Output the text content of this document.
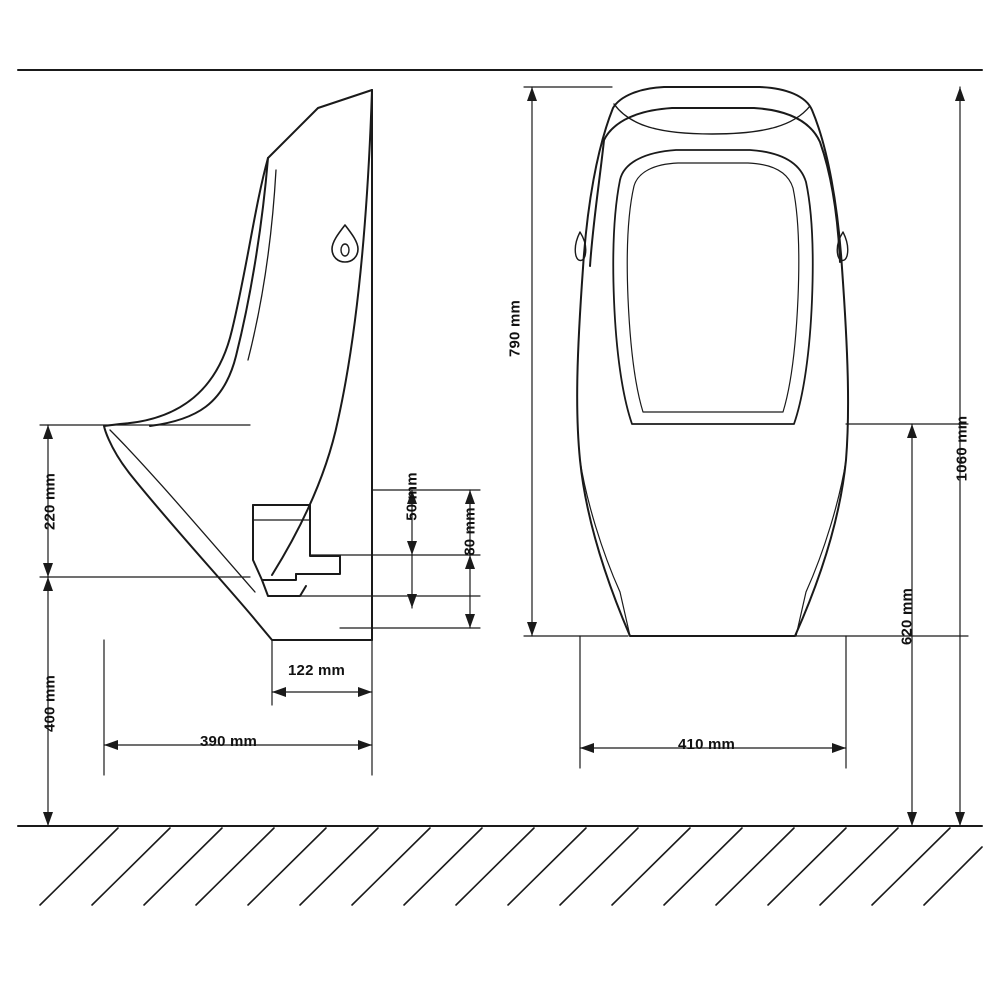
220 mm
400 mm
122 mm
390 mm
50 mm
80 mm
790 mm
1060 mm
620 mm
410 mm
